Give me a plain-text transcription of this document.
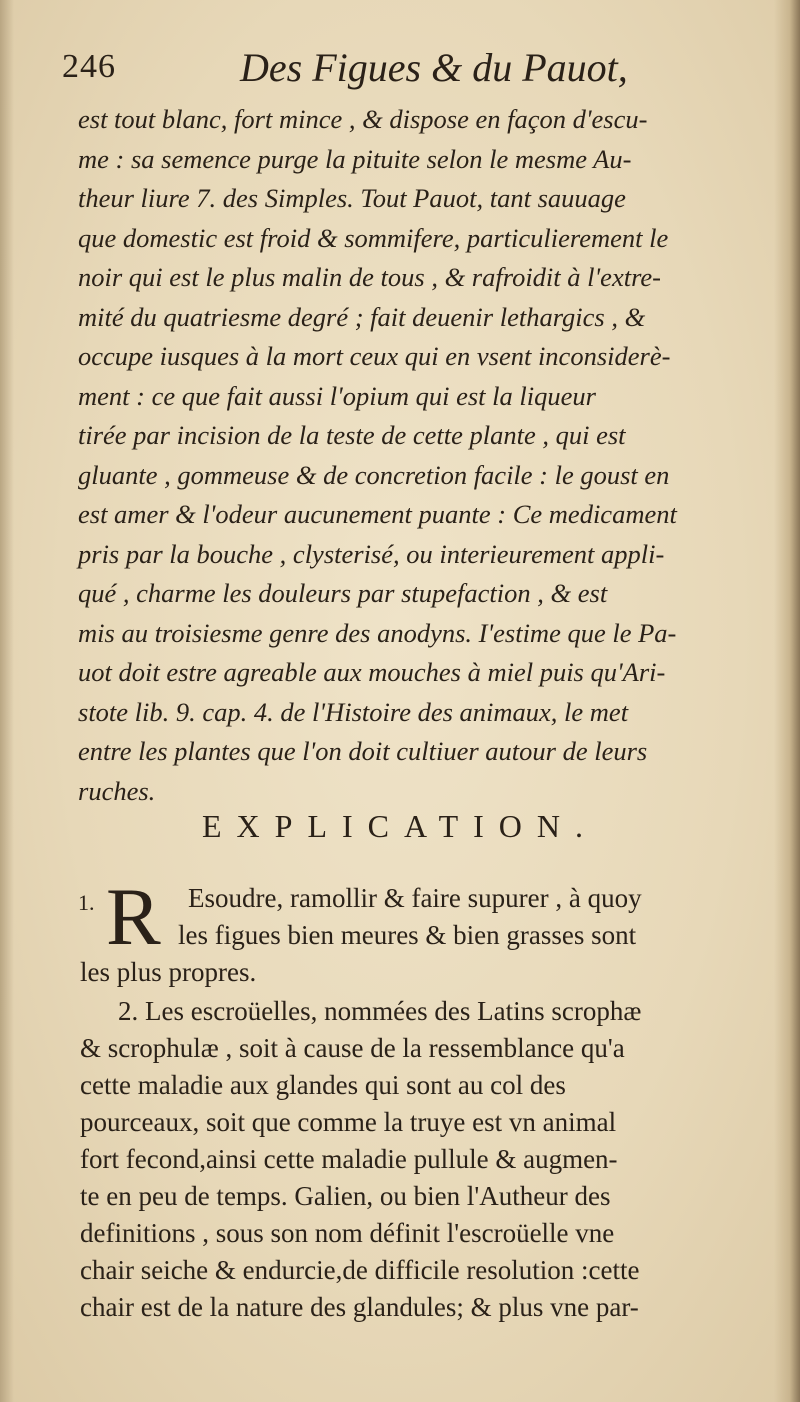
246	Des Figues & du Pauot,
est tout blanc, fort mince , & dispose en façon d'escu-
me : sa semence purge la pituite selon le mesme Au-
theur liure 7. des Simples. Tout Pauot, tant sauuage
que domestic est froid & sommifere, particulierement le
noir qui est le plus malin de tous , & rafroidit à l'extre-
mité du quatriesme degré ; fait deuenir lethargics , &
occupe iusques à la mort ceux qui en vsent inconsiderè-
ment : ce que fait aussi l'opium qui est la liqueur
tirée par incision de la teste de cette plante , qui est
gluante , gommeuse & de concretion facile : le goust en
est amer & l'odeur aucunement puante : Ce medicament
pris par la bouche , clysterisé, ou interieurement appli-
qué , charme les douleurs par stupefaction , & est
mis au troisiesme genre des anodyns. I'estime que le Pa-
uot doit estre agreable aux mouches à miel puis qu'Ari-
stote lib. 9. cap. 4. de l'Histoire des animaux, le met
entre les plantes que l'on doit cultiuer autour de leurs
ruches.
EXPLICATION.
1. R	Esoudre, ramollir & faire supurer , à quoy
les figues bien meures & bien grasses sont
les plus propres.
2. Les escroüelles, nommées des Latins scrophæ
& scrophulæ , soit à cause de la ressemblance qu'a
cette maladie aux glandes qui sont au col des
pourceaux, soit que comme la truye est vn animal
fort fecond,ainsi cette maladie pullule & augmen-
te en peu de temps. Galien, ou bien l'Autheur des
definitions , sous son nom définit l'escroüelle vne
chair seiche & endurcie,de difficile resolution :cette
chair est de la nature des glandules; & plus vne par-
